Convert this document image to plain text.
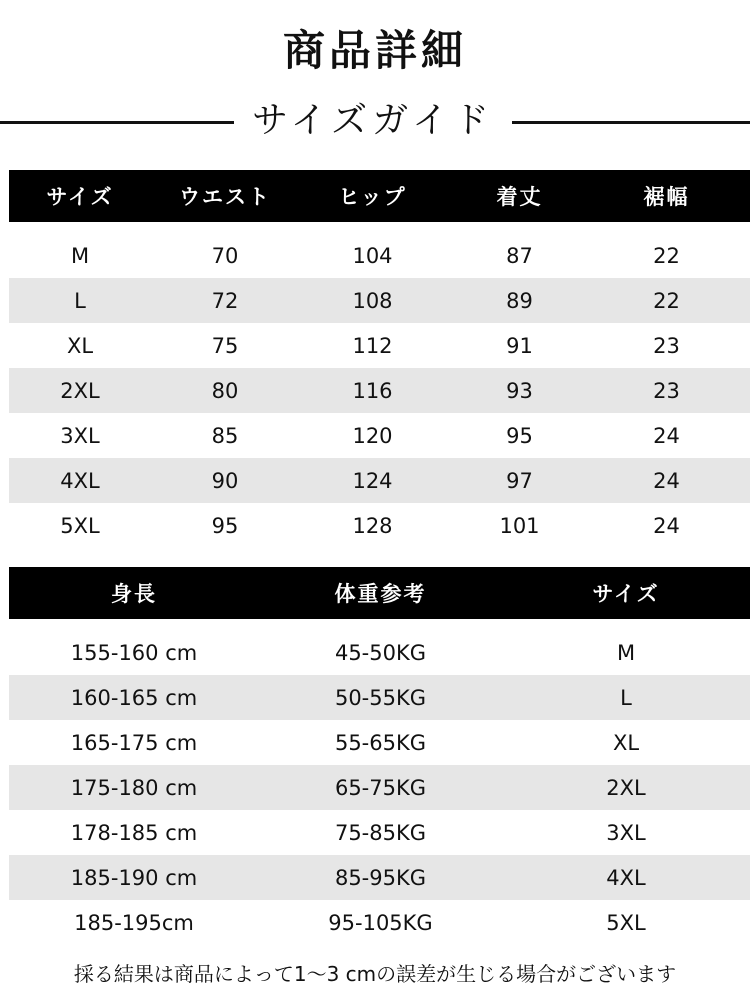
商品詳細
サイズガイド
サイズ	ウエスト	ヒップ	着丈	裾幅
M	70	104	87	22
L	72	108	89	22
XL	75	112	91	23
2XL	80	116	93	23
3XL	85	120	95	24
4XL	90	124	97	24
5XL	95	128	101	24
身長	体重参考	サイズ
155-160 cm	45-50KG	M
160-165 cm	50-55KG	L
165-175 cm	55-65KG	XL
175-180 cm	65-75KG	2XL
178-185 cm	75-85KG	3XL
185-190 cm	85-95KG	4XL
185-195cm	95-105KG	5XL
採る結果は商品によって1～3 cmの誤差が生じる場合がございます
